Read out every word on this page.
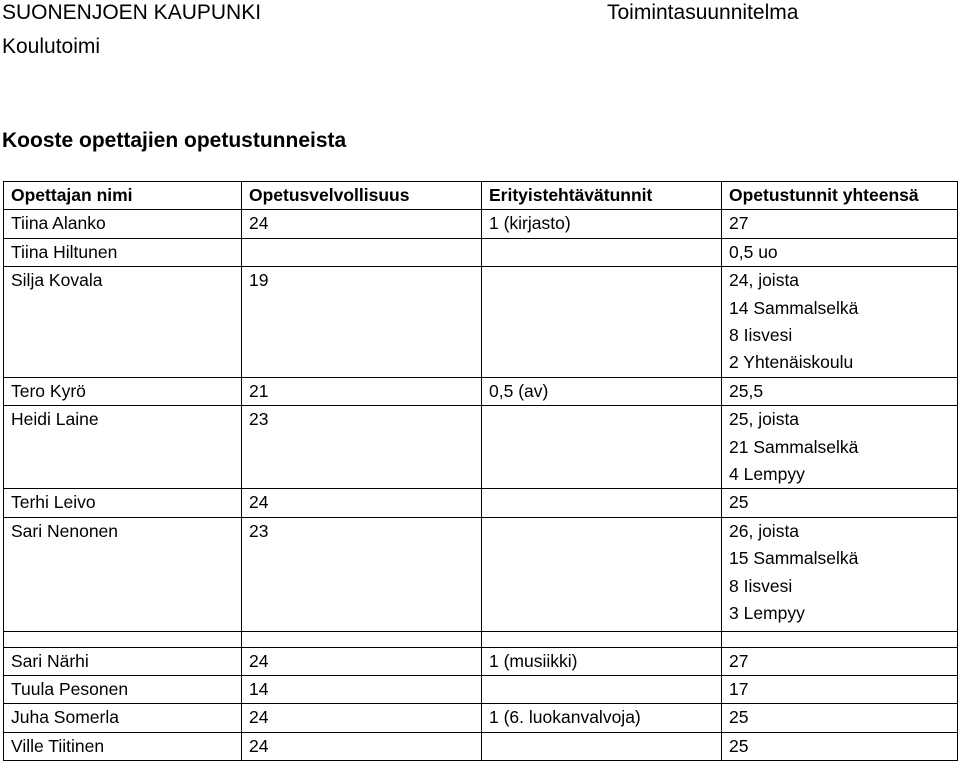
SUONENJOEN KAUPUNKI
Koulutoimi
Toimintasuunnitelma
Kooste opettajien opetustunneista
Opettajan nimi	Opetusvelvollisuus	Erityistehtävätunnit	Opetustunnit yhteensä
Tiina Alanko	24	1 (kirjasto)	27

Tiina Hiltunen			0,5 uo

Silja Kovala	19		24, joista
14 Sammalselkä
8 Iisvesi
2 Yhtenäiskoulu

Tero Kyrö	21	0,5 (av)	25,5

Heidi Laine	23		25, joista
21 Sammalselkä
4 Lempyy

Terhi Leivo	24		25

Sari Nenonen	23		26, joista
15 Sammalselkä
8 Iisvesi
3 Lempyy

Sari Närhi	24	1 (musiikki)	27

Tuula Pesonen	14		17

Juha Somerla	24	1 (6. luokanvalvoja)	25

Ville Tiitinen	24		25
